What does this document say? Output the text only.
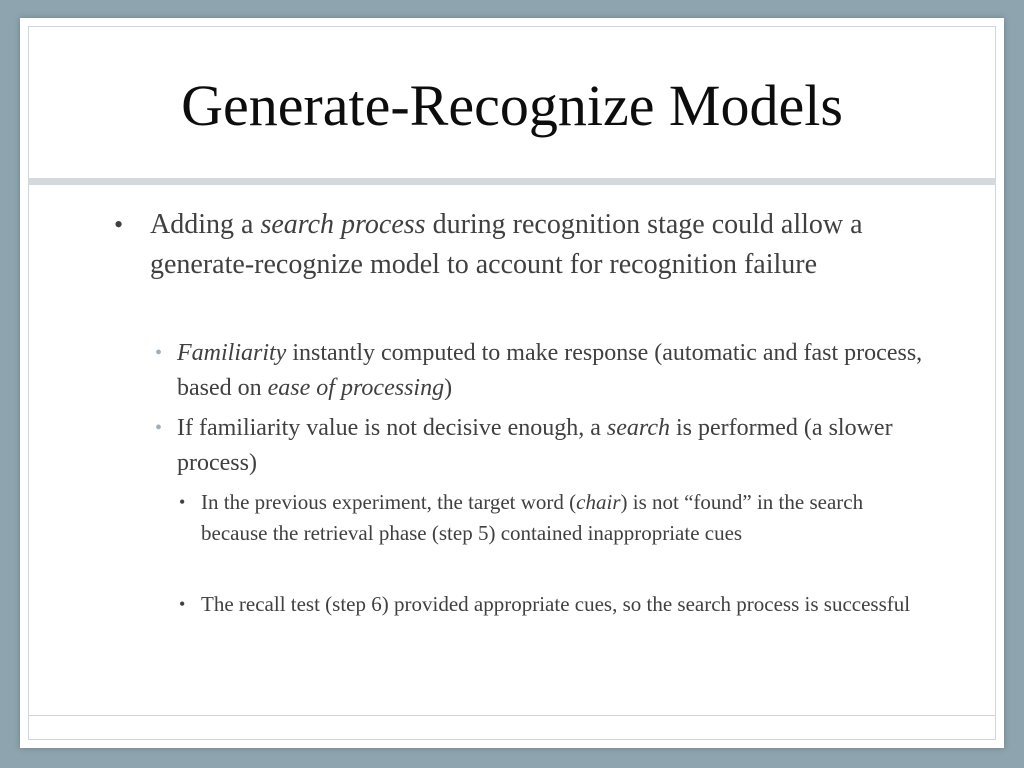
Generate-Recognize Models
• Adding a search process during recognition stage could allow a generate-recognize model to account for recognition failure
• Familiarity instantly computed to make response (automatic and fast process, based on ease of processing)
• If familiarity value is not decisive enough, a search is performed (a slower process)
• In the previous experiment, the target word (chair) is not “found” in the search because the retrieval phase (step 5) contained inappropriate cues
• The recall test (step 6) provided appropriate cues, so the search process is successful
